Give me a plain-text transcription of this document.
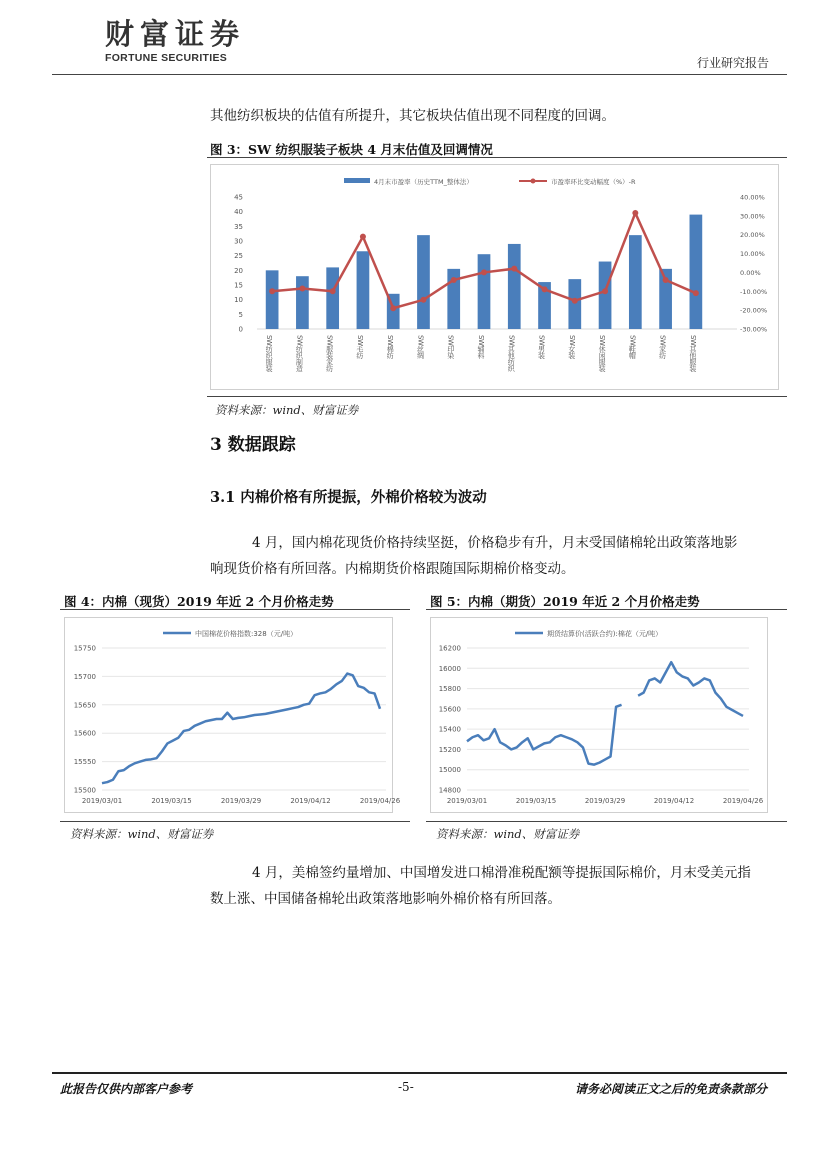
财富证券
FORTUNE SECURITIES	行业研究报告
其他纺织板块的估值有所提升，其它板块估值出现不同程度的回调。
图 3：SW 纺织服装子板块 4 月末估值及回调情况
4月末市盈率（历史TTM_整体法）	市盈率环比变动幅度（%）-R
0
5
10
15
20
25
30
35
40
45
-30.00%
-20.00%
-10.00%
0.00%
10.00%
20.00%
30.00%
40.00%
SW纺织服装	SW纺织制造	SW服装家纺	SW毛纺	SW棉纺	SW丝绸	SW印染	SW辅料	SW其他纺织	SW男装	SW女装	SW休闲服装	SW鞋帽	SW家纺	SW其他服装
资料来源：wind、财富证券
3 数据跟踪
3.1 内棉价格有所提振，外棉价格较为波动
4 月，国内棉花现货价格持续坚挺，价格稳步有升，月末受国储棉轮出政策落地影
响现货价格有所回落。内棉期货价格跟随国际期棉价格变动。
图 4：内棉（现货）2019 年近 2 个月价格走势
中国棉花价格指数:328（元/吨）
15500
15550
15600
15650
15700
15750
2019/03/01	2019/03/15	2019/03/29	2019/04/12	2019/04/26
资料来源：wind、财富证券
图 5：内棉（期货）2019 年近 2 个月价格走势
期货结算价(活跃合约):棉花（元/吨）
14800
15000
15200
15400
15600
15800
16000
16200
2019/03/01	2019/03/15	2019/03/29	2019/04/12	2019/04/26
资料来源：wind、财富证券
4 月，美棉签约量增加、中国增发进口棉滑准税配额等提振国际棉价，月末受美元指
数上涨、中国储备棉轮出政策落地影响外棉价格有所回落。
此报告仅供内部客户参考	-5-	请务必阅读正文之后的免责条款部分
